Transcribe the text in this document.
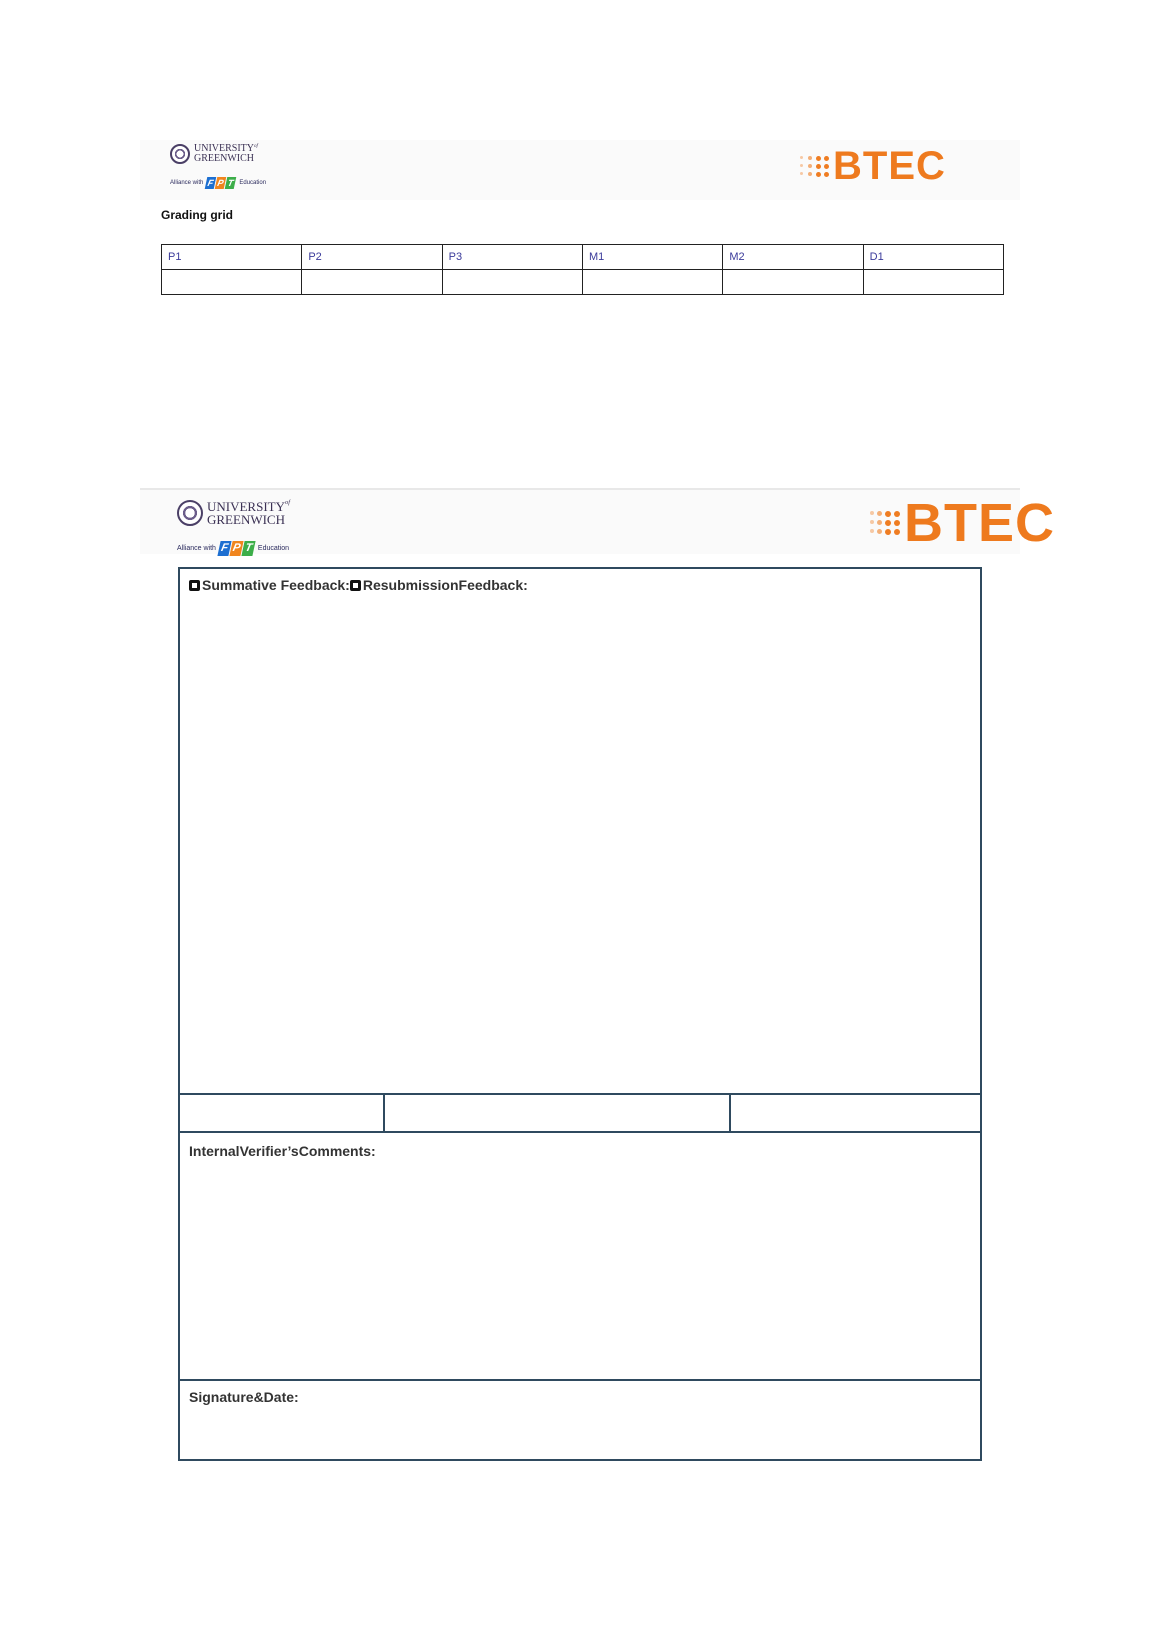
$UNIVERSITY^{of}$
GREENWICH
Alliance with F P T Education	BTEC
Grading grid
P1	P2	P3	M1	M2	D1

$UNIVERSITY^{of}$
GREENWICH
Alliance with F P T Education	BTEC
Summative Feedback: ResubmissionFeedback:
InternalVerifier’sComments:
Signature&Date:
